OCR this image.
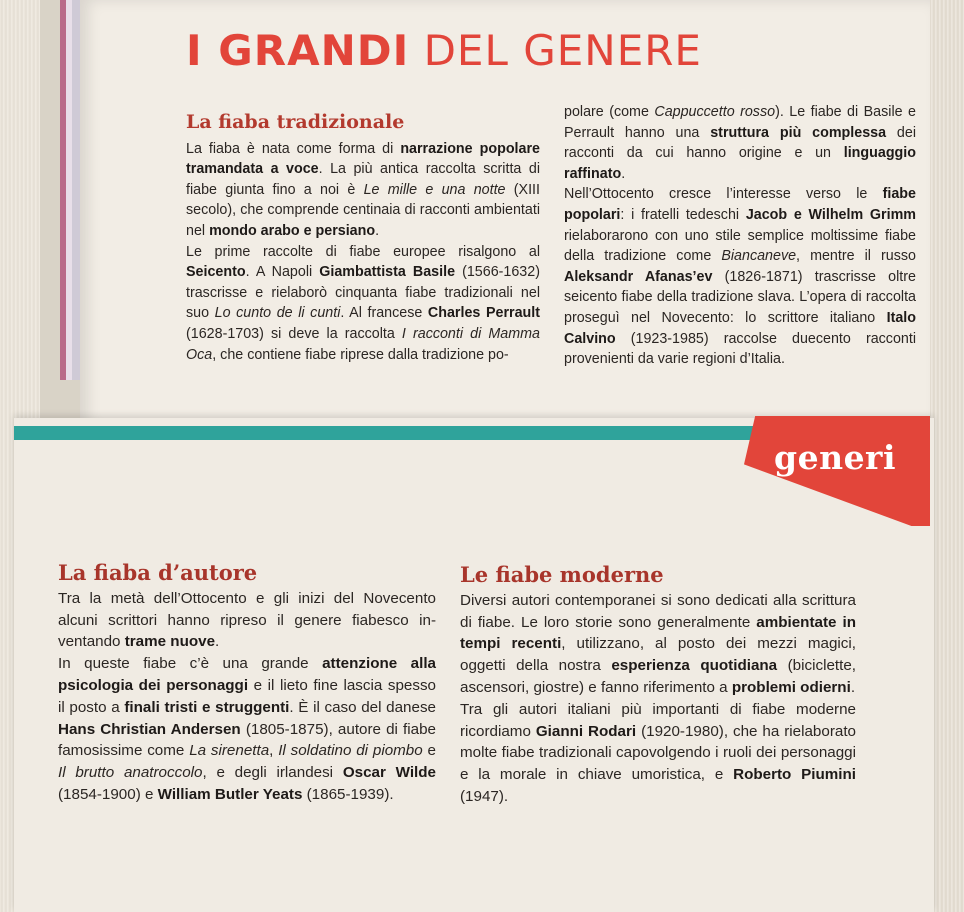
I GRANDI DEL GENERE
La fiaba tradizionale

La fiaba è nata come forma di narrazione popolare tramandata a voce. La più antica raccolta scritta di fiabe giunta fino a noi è Le mille e una notte (XIII secolo), che comprende centinaia di racconti ambientati nel mondo arabo e persiano.

Le prime raccolte di fiabe europee risalgono al Seicento. A Napoli Giambattista Basile (1566-1632) trascrisse e rielaborò cinquanta fiabe tradizionali nel suo Lo cunto de li cunti. Al francese Charles Perrault (1628-1703) si deve la raccolta I racconti di Mamma Oca, che contiene fiabe riprese dalla tradizione po-

polare (come Cappuccetto rosso). Le fiabe di Basile e Perrault hanno una struttura più complessa dei racconti da cui hanno origine e un linguaggio raffinato.

Nell’Ottocento cresce l’interesse verso le fiabe popolari: i fratelli tedeschi Jacob e Wilhelm Grimm rielaborarono con uno stile semplice moltissime fiabe della tradizione come Biancaneve, mentre il russo Aleksandr Afanas’ev (1826-1871) trascrisse oltre seicento fiabe della tradizione slava. L’opera di raccolta proseguì nel Novecento: lo scrittore italiano Italo Calvino (1923-1985) raccolse duecento racconti provenienti da varie regioni d’Italia.

generi
La fiaba d’autore

Tra la metà dell’Ottocento e gli inizi del Novecento alcuni scrittori hanno ripreso il genere fiabesco in-ventando trame nuove.

In queste fiabe c’è una grande attenzione alla psicologia dei personaggi e il lieto fine lascia spesso il posto a finali tristi e struggenti. È il caso del danese Hans Christian Andersen (1805-1875), autore di fiabe famosissime come La sirenetta, Il soldatino di piombo e Il brutto anatroccolo, e degli irlandesi Oscar Wilde (1854-1900) e William Butler Yeats (1865-1939).

Le fiabe moderne

Diversi autori contemporanei si sono dedicati alla scrittura di fiabe. Le loro storie sono generalmente ambientate in tempi recenti, utilizzano, al posto dei mezzi magici, oggetti della nostra esperienza quotidiana (biciclette, ascensori, giostre) e fanno riferimento a problemi odierni.

Tra gli autori italiani più importanti di fiabe moderne ricordiamo Gianni Rodari (1920-1980), che ha rielaborato molte fiabe tradizionali capovolgendo i ruoli dei personaggi e la morale in chiave umoristica, e Roberto Piumini (1947).
